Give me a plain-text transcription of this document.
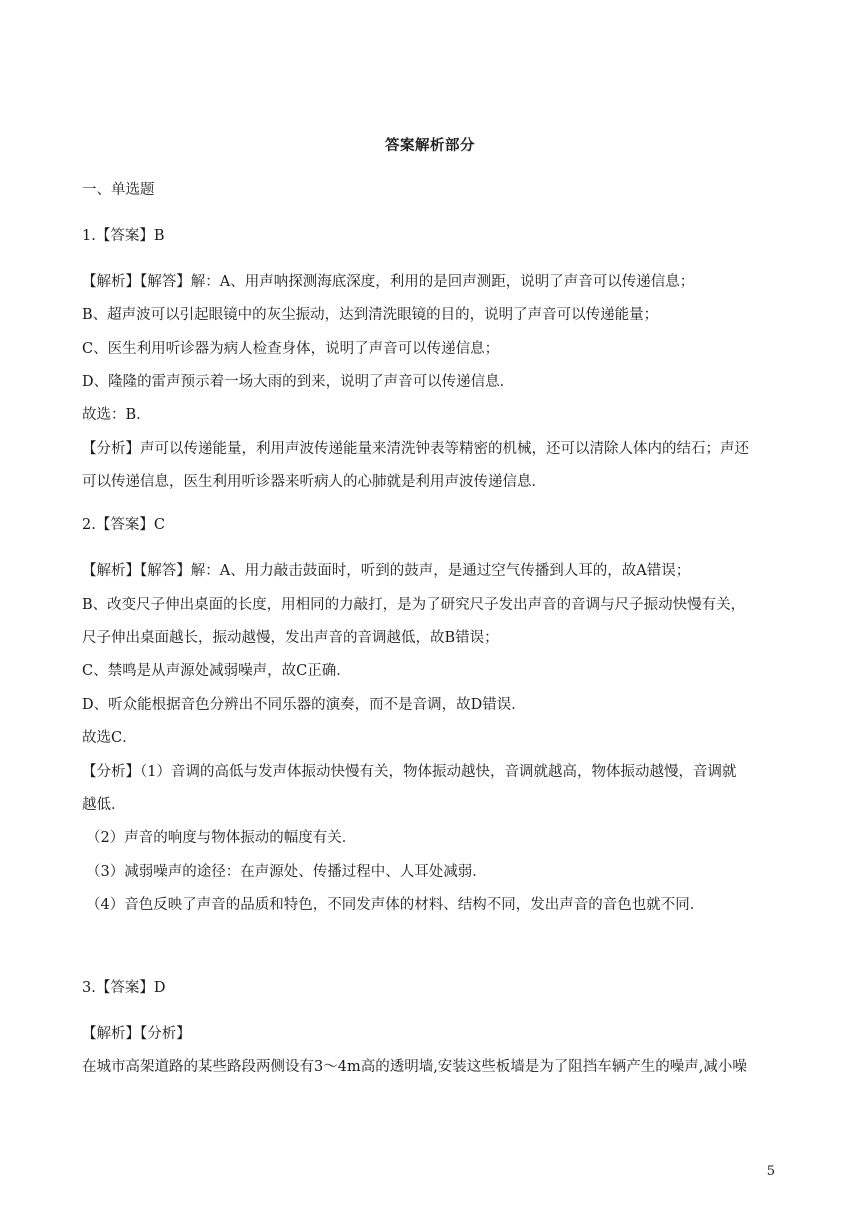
答案解析部分
一、单选题
1.【答案】B
【解析】【解答】解：A、用声呐探测海底深度，利用的是回声测距，说明了声音可以传递信息；
B、超声波可以引起眼镜中的灰尘振动，达到清洗眼镜的目的，说明了声音可以传递能量；
C、医生利用听诊器为病人检查身体，说明了声音可以传递信息；
D、隆隆的雷声预示着一场大雨的到来，说明了声音可以传递信息．
故选：B．
【分析】声可以传递能量，利用声波传递能量来清洗钟表等精密的机械，还可以清除人体内的结石；声还
可以传递信息，医生利用听诊器来听病人的心肺就是利用声波传递信息．
2.【答案】C
【解析】【解答】解：A、用力敲击鼓面时，听到的鼓声，是通过空气传播到人耳的，故A错误；
B、改变尺子伸出桌面的长度，用相同的力敲打，是为了研究尺子发出声音的音调与尺子振动快慢有关，
尺子伸出桌面越长，振动越慢，发出声音的音调越低，故B错误；
C、禁鸣是从声源处减弱噪声，故C正确．
D、听众能根据音色分辨出不同乐器的演奏，而不是音调，故D错误．
故选C．
【分析】（1）音调的高低与发声体振动快慢有关，物体振动越快，音调就越高，物体振动越慢，音调就
越低．
（2）声音的响度与物体振动的幅度有关．
（3）减弱噪声的途径：在声源处、传播过程中、人耳处减弱．
（4）音色反映了声音的品质和特色，不同发声体的材料、结构不同，发出声音的音色也就不同．
3.【答案】D
【解析】【分析】
在城市高架道路的某些路段两侧设有3～4m高的透明墙,安装这些板墙是为了阻挡车辆产生的噪声,减小噪
5
